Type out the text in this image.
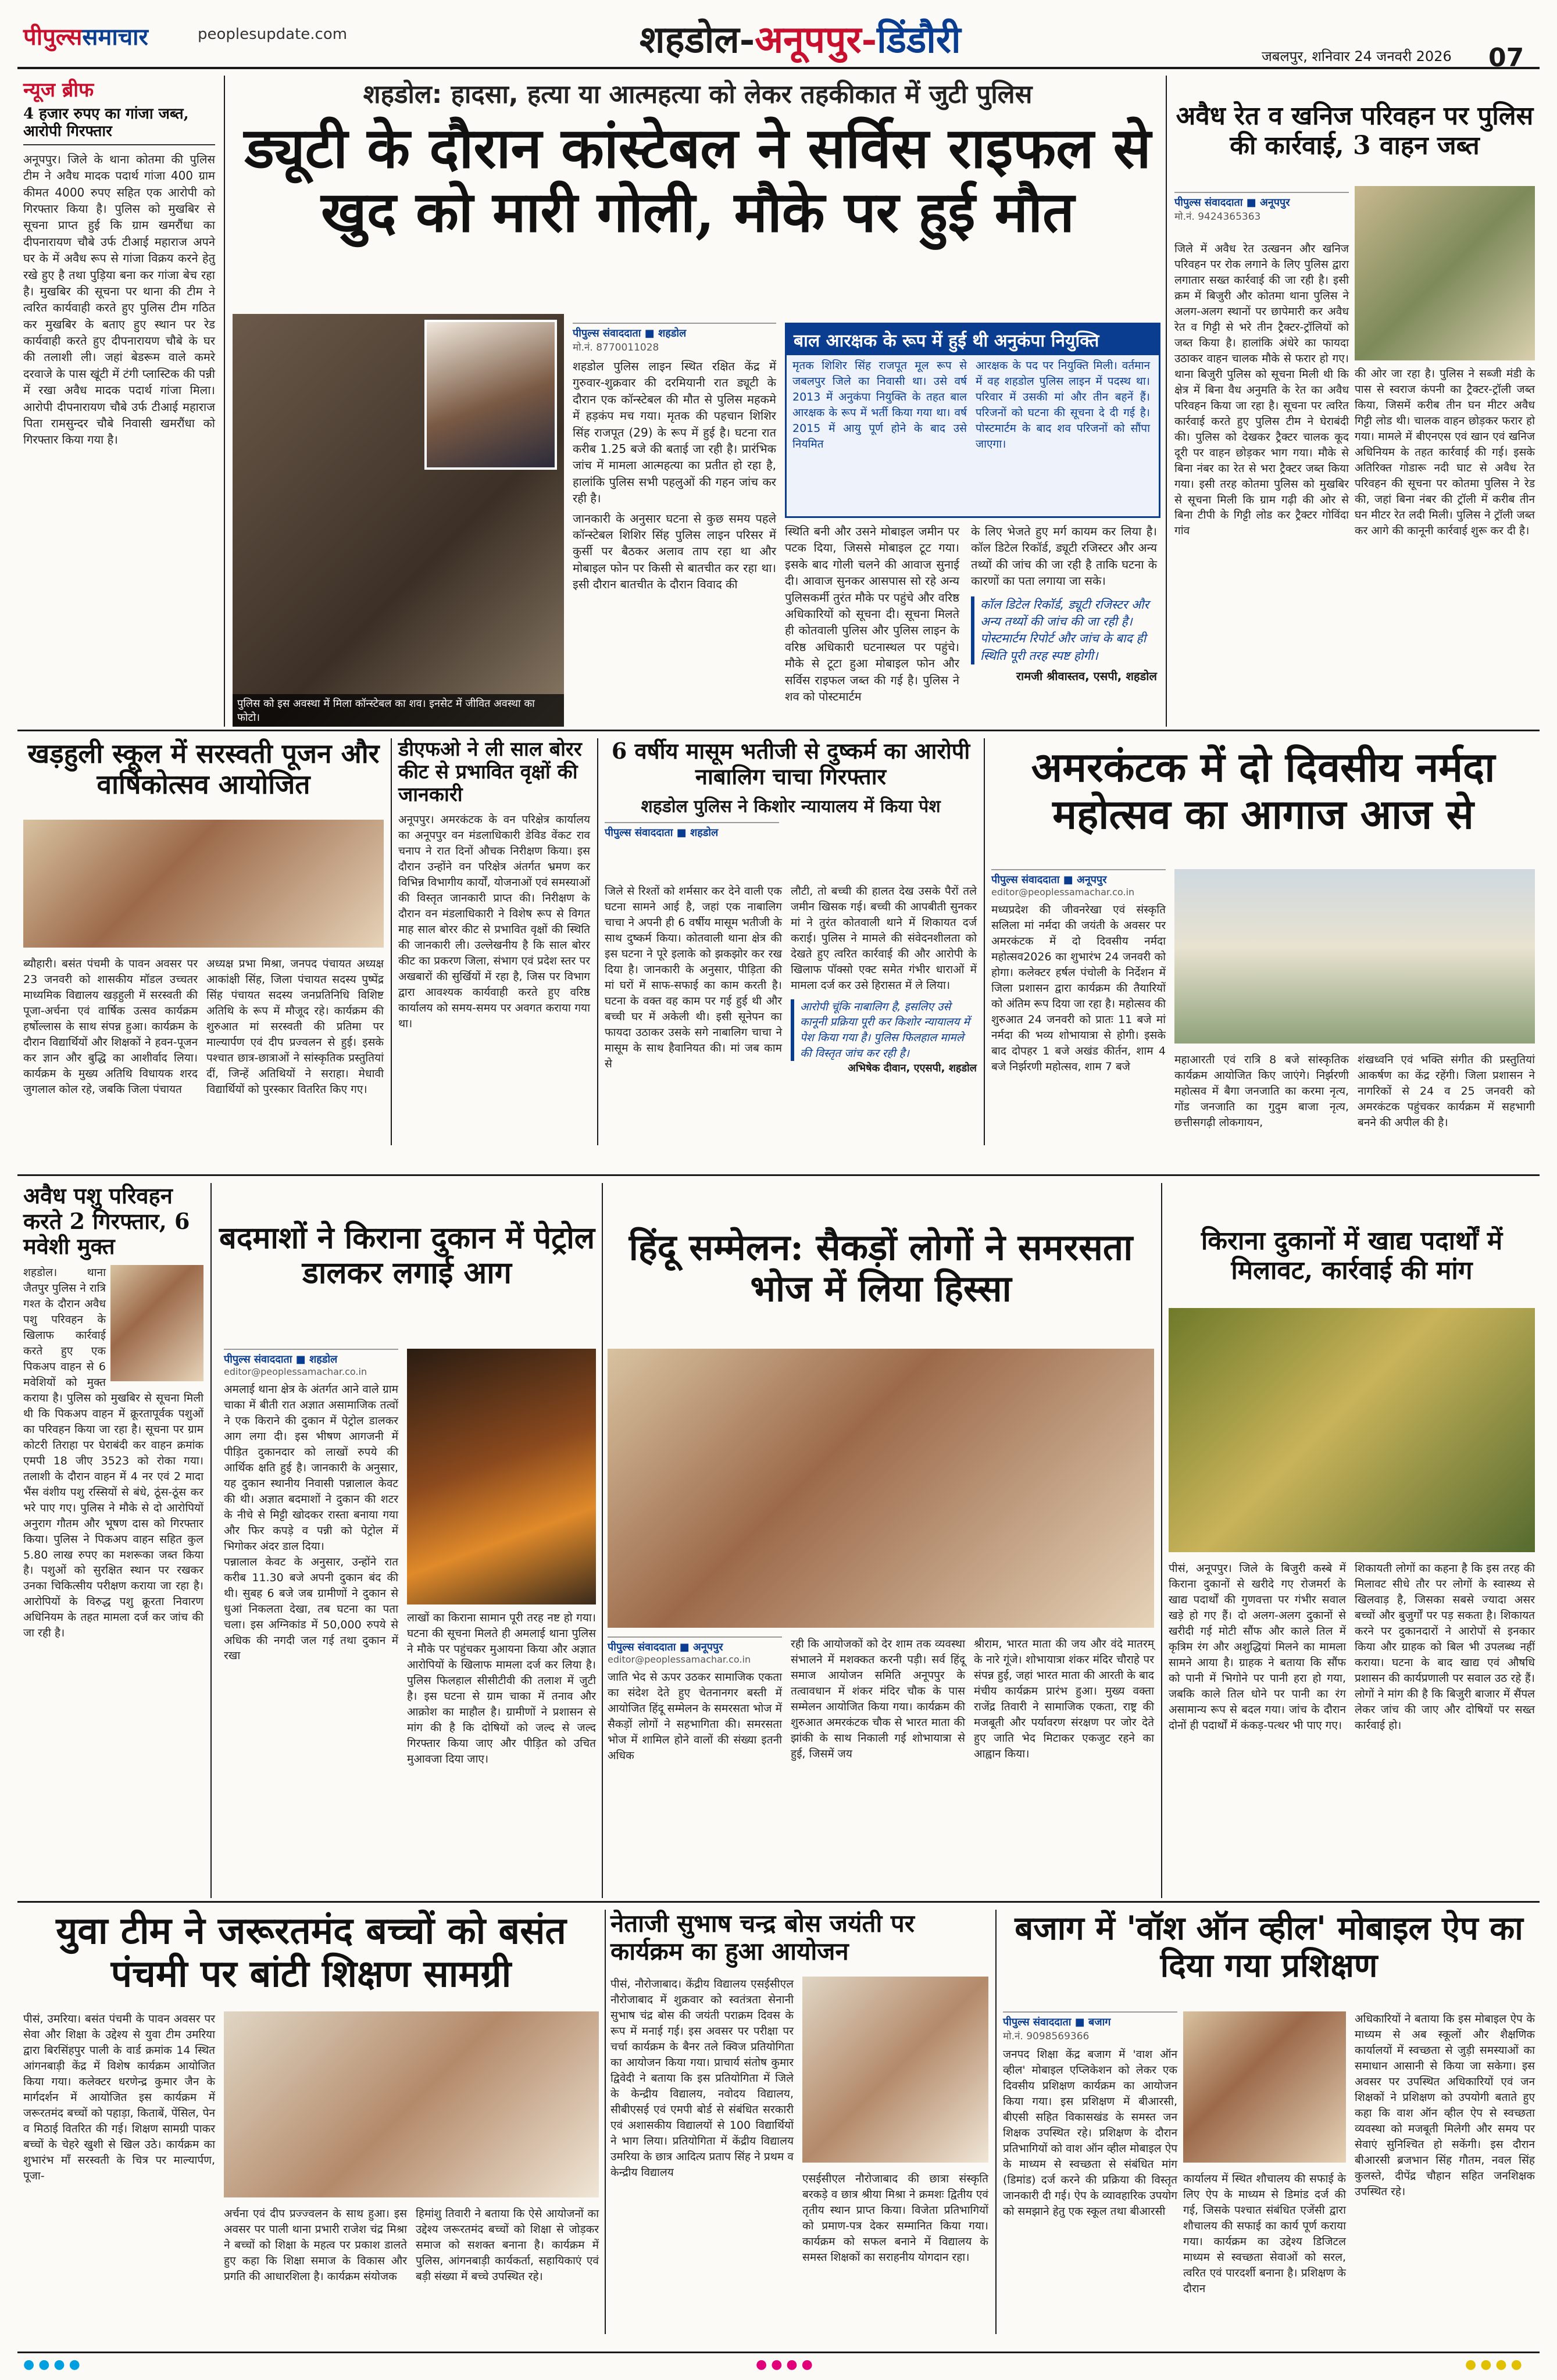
पीपुल्ससमाचार	peoplesupdate.com	शहडोल-अनूपपुर-डिंडौरी	जबलपुर, शनिवार 24 जनवरी 2026 07
न्यूज ब्रीफ
4 हजार रुपए का गांजा जब्त, आरोपी गिरफ्तार
अनूपपुर। जिले के थाना कोतमा की पुलिस टीम ने अवैध मादक पदार्थ गांजा 400 ग्राम कीमत 4000 रुपए सहित एक आरोपी को गिरफ्तार किया है। पुलिस को मुखबिर से सूचना प्राप्त हुई कि ग्राम खमरौंधा का दीपनारायण चौबे उर्फ टीआई महाराज अपने घर के में अवैध रूप से गांजा विक्रय करने हेतु रखे हुए है तथा पुड़िया बना कर गांजा बेच रहा है। मुखबिर की सूचना पर थाना की टीम ने त्वरित कार्यवाही करते हुए पुलिस टीम गठित कर मुखबिर के बताए हुए स्थान पर रेड कार्यवाही करते हुए दीपनारायण चौबे के घर की तलाशी ली। जहां बेडरूम वाले कमरे दरवाजे के पास खूंटी में टंगी प्लास्टिक की पन्नी में रखा अवैध मादक पदार्थ गांजा मिला। आरोपी दीपनारायण चौबे उर्फ टीआई महाराज पिता रामसुन्दर चौबे निवासी खमरौंधा को गिरफ्तार किया गया है।
शहडोल: हादसा, हत्या या आत्महत्या को लेकर तहकीकात में जुटी पुलिस
ड्यूटी के दौरान कांस्टेबल ने सर्विस राइफल से खुद को मारी गोली, मौके पर हुई मौत
पुलिस को इस अवस्था में मिला कॉन्स्टेबल का शव। इनसेट में जीवित अवस्था का फोटो।
पीपुल्स संवाददाता ■ शहडोल
मो.नं. 8770011028
शहडोल पुलिस लाइन स्थित रक्षित केंद्र में गुरुवार-शुक्रवार की दरमियानी रात ड्यूटी के दौरान एक कॉन्स्टेबल की मौत से पुलिस महकमे में हड़कंप मच गया। मृतक की पहचान शिशिर सिंह राजपूत (29) के रूप में हुई है। घटना रात करीब 1.25 बजे की बताई जा रही है। प्रारंभिक जांच में मामला आत्महत्या का प्रतीत हो रहा है, हालांकि पुलिस सभी पहलुओं की गहन जांच कर रही है।
जानकारी के अनुसार घटना से कुछ समय पहले कॉन्स्टेबल शिशिर सिंह पुलिस लाइन परिसर में कुर्सी पर बैठकर अलाव ताप रहा था और मोबाइल फोन पर किसी से बातचीत कर रहा था। इसी दौरान बातचीत के दौरान विवाद की
बाल आरक्षक के रूप में हुई थी अनुकंपा नियुक्ति
मृतक शिशिर सिंह राजपूत मूल रूप से जबलपुर जिले का निवासी था। उसे वर्ष 2013 में अनुकंपा नियुक्ति के तहत बाल आरक्षक के रूप में भर्ती किया गया था। वर्ष 2015 में आयु पूर्ण होने के बाद उसे नियमित
आरक्षक के पद पर नियुक्ति मिली। वर्तमान में वह शहडोल पुलिस लाइन में पदस्थ था। परिवार में उसकी मां और तीन बहनें हैं। परिजनों को घटना की सूचना दे दी गई है। पोस्टमार्टम के बाद शव परिजनों को सौंपा जाएगा।
स्थिति बनी और उसने मोबाइल जमीन पर पटक दिया, जिससे मोबाइल टूट गया। इसके बाद गोली चलने की आवाज सुनाई दी। आवाज सुनकर आसपास सो रहे अन्य पुलिसकर्मी तुरंत मौके पर पहुंचे और वरिष्ठ अधिकारियों को सूचना दी। सूचना मिलते ही कोतवाली पुलिस और पुलिस लाइन के वरिष्ठ अधिकारी घटनास्थल पर पहुंचे। मौके से टूटा हुआ मोबाइल फोन और सर्विस राइफल जब्त की गई है। पुलिस ने शव को पोस्टमार्टम
के लिए भेजते हुए मर्ग कायम कर लिया है। कॉल डिटेल रिकॉर्ड, ड्यूटी रजिस्टर और अन्य तथ्यों की जांच की जा रही है ताकि घटना के कारणों का पता लगाया जा सके।
कॉल डिटेल रिकॉर्ड, ड्यूटी रजिस्टर और अन्य तथ्यों की जांच की जा रही है। पोस्टमार्टम रिपोर्ट और जांच के बाद ही स्थिति पूरी तरह स्पष्ट होगी।
रामजी श्रीवास्तव, एसपी, शहडोल
अवैध रेत व खनिज परिवहन पर पुलिस की कार्रवाई, 3 वाहन जब्त
पीपुल्स संवाददाता ■ अनूपपुर
मो.नं. 9424365363
जिले में अवैध रेत उत्खनन और खनिज परिवहन पर रोक लगाने के लिए पुलिस द्वारा लगातार सख्त कार्रवाई की जा रही है। इसी क्रम में बिजुरी और कोतमा थाना पुलिस ने अलग-अलग स्थानों पर छापेमारी कर अवैध रेत व गिट्टी से भरे तीन ट्रैक्टर-ट्रॉलियों को जब्त किया है। हालांकि अंधेरे का फायदा उठाकर वाहन चालक मौके से फरार हो गए। थाना बिजुरी पुलिस को सूचना मिली थी कि क्षेत्र में बिना वैध अनुमति के रेत का अवैध परिवहन किया जा रहा है। सूचना पर त्वरित कार्रवाई करते हुए पुलिस टीम ने घेराबंदी की। पुलिस को देखकर ट्रैक्टर चालक कूद दूरी पर वाहन छोड़कर भाग गया। मौके से बिना नंबर का रेत से भरा ट्रैक्टर जब्त किया गया। इसी तरह कोतमा पुलिस को मुखबिर से सूचना मिली कि ग्राम गढ़ी की ओर से बिना टीपी के गिट्टी लोड कर ट्रैक्टर गोविंदा गांव
की ओर जा रहा है। पुलिस ने सब्जी मंडी के पास से स्वराज कंपनी का ट्रैक्टर-ट्रॉली जब्त किया, जिसमें करीब तीन घन मीटर अवैध गिट्टी लोड थी। चालक वाहन छोड़कर फरार हो गया। मामले में बीएनएस एवं खान एवं खनिज अधिनियम के तहत कार्रवाई की गई। इसके अतिरिक्त गोडारू नदी घाट से अवैध रेत परिवहन की सूचना पर कोतमा पुलिस ने रेड की, जहां बिना नंबर की ट्रॉली में करीब तीन घन मीटर रेत लदी मिली। पुलिस ने ट्रॉली जब्त कर आगे की कानूनी कार्रवाई शुरू कर दी है।
खड़हुली स्कूल में सरस्वती पूजन और वार्षिकोत्सव आयोजित
ब्यौहारी। बसंत पंचमी के पावन अवसर पर 23 जनवरी को शासकीय मॉडल उच्चतर माध्यमिक विद्यालय खड़हुली में सरस्वती की पूजा-अर्चना एवं वार्षिक उत्सव कार्यक्रम हर्षोल्लास के साथ संपन्न हुआ। कार्यक्रम के दौरान विद्यार्थियों और शिक्षकों ने हवन-पूजन कर ज्ञान और बुद्धि का आशीर्वाद लिया। कार्यक्रम के मुख्य अतिथि विधायक शरद जुगलाल कोल रहे, जबकि जिला पंचायत
अध्यक्ष प्रभा मिश्रा, जनपद पंचायत अध्यक्ष आकांक्षी सिंह, जिला पंचायत सदस्य पुष्पेंद्र सिंह पंचायत सदस्य जनप्रतिनिधि विशिष्ट अतिथि के रूप में मौजूद रहे। कार्यक्रम की शुरुआत मां सरस्वती की प्रतिमा पर माल्यार्पण एवं दीप प्रज्वलन से हुई। इसके पश्चात छात्र-छात्राओं ने सांस्कृतिक प्रस्तुतियां दीं, जिन्हें अतिथियों ने सराहा। मेधावी विद्यार्थियों को पुरस्कार वितरित किए गए।
डीएफओ ने ली साल बोरर कीट से प्रभावित वृक्षों की जानकारी
अनूपपुर। अमरकंटक के वन परिक्षेत्र कार्यालय का अनूपपुर वन मंडलाधिकारी डेविड वेंकट राव चनाप ने रात दिनों औचक निरीक्षण किया। इस दौरान उन्होंने वन परिक्षेत्र अंतर्गत भ्रमण कर विभिन्न विभागीय कार्यों, योजनाओं एवं समस्याओं की विस्तृत जानकारी प्राप्त की। निरीक्षण के दौरान वन मंडलाधिकारी ने विशेष रूप से विगत माह साल बोरर कीट से प्रभावित वृक्षों की स्थिति की जानकारी ली। उल्लेखनीय है कि साल बोरर कीट का प्रकरण जिला, संभाग एवं प्रदेश स्तर पर अखबारों की सुर्खियों में रहा है, जिस पर विभाग द्वारा आवश्यक कार्यवाही करते हुए वरिष्ठ कार्यालय को समय-समय पर अवगत कराया गया था।
6 वर्षीय मासूम भतीजी से दुष्कर्म का आरोपी नाबालिग चाचा गिरफ्तार
शहडोल पुलिस ने किशोर न्यायालय में किया पेश
पीपुल्स संवाददाता ■ शहडोल
जिले से रिश्तों को शर्मसार कर देने वाली एक घटना सामने आई है, जहां एक नाबालिग चाचा ने अपनी ही 6 वर्षीय मासूम भतीजी के साथ दुष्कर्म किया। कोतवाली थाना क्षेत्र की इस घटना ने पूरे इलाके को झकझोर कर रख दिया है। जानकारी के अनुसार, पीड़िता की मां घरों में साफ-सफाई का काम करती है। घटना के वक्त वह काम पर गई हुई थी और बच्ची घर में अकेली थी। इसी सूनेपन का फायदा उठाकर उसके सगे नाबालिग चाचा ने मासूम के साथ हैवानियत की। मां जब काम से
लौटी, तो बच्ची की हालत देख उसके पैरों तले जमीन खिसक गई। बच्ची की आपबीती सुनकर मां ने तुरंत कोतवाली थाने में शिकायत दर्ज कराई। पुलिस ने मामले की संवेदनशीलता को देखते हुए त्वरित कार्रवाई की और आरोपी के खिलाफ पॉक्सो एक्ट समेत गंभीर धाराओं में मामला दर्ज कर उसे हिरासत में ले लिया।
आरोपी चूंकि नाबालिग है, इसलिए उसे कानूनी प्रक्रिया पूरी कर किशोर न्यायालय में पेश किया गया है। पुलिस फिलहाल मामले की विस्तृत जांच कर रही है।
अभिषेक दीवान, एएसपी, शहडोल
अमरकंटक में दो दिवसीय नर्मदा महोत्सव का आगाज आज से
पीपुल्स संवाददाता ■ अनूपपुर
editor@peoplessamachar.co.in
मध्यप्रदेश की जीवनरेखा एवं संस्कृति सलिला मां नर्मदा की जयंती के अवसर पर अमरकंटक में दो दिवसीय नर्मदा महोत्सव2026 का शुभारंभ 24 जनवरी को होगा। कलेक्टर हर्षल पंचोली के निर्देशन में जिला प्रशासन द्वारा कार्यक्रम की तैयारियों को अंतिम रूप दिया जा रहा है। महोत्सव की शुरुआत 24 जनवरी को प्रातः 11 बजे मां नर्मदा की भव्य शोभायात्रा से होगी। इसके बाद दोपहर 1 बजे अखंड कीर्तन, शाम 4 बजे निर्झरणी महोत्सव, शाम 7 बजे
महाआरती एवं रात्रि 8 बजे सांस्कृतिक कार्यक्रम आयोजित किए जाएंगे। निर्झरणी महोत्सव में बैगा जनजाति का करमा नृत्य, गोंड जनजाति का गुदुम बाजा नृत्य, छत्तीसगढ़ी लोकगायन,
शंखध्वनि एवं भक्ति संगीत की प्रस्तुतियां आकर्षण का केंद्र रहेंगी। जिला प्रशासन ने नागरिकों से 24 व 25 जनवरी को अमरकंटक पहुंचकर कार्यक्रम में सहभागी बनने की अपील की है।
अवैध पशु परिवहन करते 2 गिरफ्तार, 6 मवेशी मुक्त
शहडोल। थाना जैतपुर पुलिस ने रात्रि गश्त के दौरान अवैध पशु परिवहन के खिलाफ कार्रवाई करते हुए एक पिकअप वाहन से 6 मवेशियों को मुक्त कराया है। पुलिस को मुखबिर से सूचना मिली थी कि पिकअप वाहन में क्रूरतापूर्वक पशुओं का परिवहन किया जा रहा है। सूचना पर ग्राम कोटरी तिराहा पर घेराबंदी कर वाहन क्रमांक एमपी 18 जीए 3523 को रोका गया। तलाशी के दौरान वाहन में 4 नर एवं 2 मादा भैंस वंशीय पशु रस्सियों से बंधे, ठूंस-ठूंस कर भरे पाए गए। पुलिस ने मौके से दो आरोपियों अनुराग गौतम और भूषण दास को गिरफ्तार किया। पुलिस ने पिकअप वाहन सहित कुल 5.80 लाख रुपए का मशरूका जब्त किया है। पशुओं को सुरक्षित स्थान पर रखकर उनका चिकित्सीय परीक्षण कराया जा रहा है। आरोपियों के विरुद्ध पशु क्रूरता निवारण अधिनियम के तहत मामला दर्ज कर जांच की जा रही है।
बदमाशों ने किराना दुकान में पेट्रोल डालकर लगाई आग
पीपुल्स संवाददाता ■ शहडोल
editor@peoplessamachar.co.in
अमलाई थाना क्षेत्र के अंतर्गत आने वाले ग्राम चाका में बीती रात अज्ञात असामाजिक तत्वों ने एक किराने की दुकान में पेट्रोल डालकर आग लगा दी। इस भीषण आगजनी में पीड़ित दुकानदार को लाखों रुपये की आर्थिक क्षति हुई है। जानकारी के अनुसार, यह दुकान स्थानीय निवासी पन्नालाल केवट की थी। अज्ञात बदमाशों ने दुकान की शटर के नीचे से मिट्टी खोदकर रास्ता बनाया गया और फिर कपड़े व पन्नी को पेट्रोल में भिगोकर अंदर डाल दिया।
पन्नालाल केवट के अनुसार, उन्होंने रात करीब 11.30 बजे अपनी दुकान बंद की थी। सुबह 6 बजे जब ग्रामीणों ने दुकान से धुआं निकलता देखा, तब घटना का पता चला। इस अग्निकांड में 50,000 रुपये से अधिक की नगदी जल गई तथा दुकान में रखा
लाखों का किराना सामान पूरी तरह नष्ट हो गया। घटना की सूचना मिलते ही अमलाई थाना पुलिस ने मौके पर पहुंचकर मुआयना किया और अज्ञात आरोपियों के खिलाफ मामला दर्ज कर लिया है। पुलिस फिलहाल सीसीटीवी की तलाश में जुटी है। इस घटना से ग्राम चाका में तनाव और आक्रोश का माहौल है। ग्रामीणों ने प्रशासन से मांग की है कि दोषियों को जल्द से जल्द गिरफ्तार किया जाए और पीड़ित को उचित मुआवजा दिया जाए।
हिंदू सम्मेलन: सैकड़ों लोगों ने समरसता भोज में लिया हिस्सा
पीपुल्स संवाददाता ■ अनूपपुर
editor@peoplessamachar.co.in
जाति भेद से ऊपर उठकर सामाजिक एकता का संदेश देते हुए चेतनानगर बस्ती में आयोजित हिंदू सम्मेलन के समरसता भोज में सैकड़ों लोगों ने सहभागिता की। समरसता भोज में शामिल होने वालों की संख्या इतनी अधिक
रही कि आयोजकों को देर शाम तक व्यवस्था संभालने में मशक्कत करनी पड़ी। सर्व हिंदू समाज आयोजन समिति अनूपपुर के तत्वावधान में शंकर मंदिर चौक के पास सम्मेलन आयोजित किया गया। कार्यक्रम की शुरुआत अमरकंटक चौक से भारत माता की झांकी के साथ निकाली गई शोभायात्रा से हुई, जिसमें जय
श्रीराम, भारत माता की जय और वंदे मातरम् के नारे गूंजे। शोभायात्रा शंकर मंदिर चौराहे पर संपन्न हुई, जहां भारत माता की आरती के बाद मंचीय कार्यक्रम प्रारंभ हुआ। मुख्य वक्ता राजेंद्र तिवारी ने सामाजिक एकता, राष्ट्र की मजबूती और पर्यावरण संरक्षण पर जोर देते हुए जाति भेद मिटाकर एकजुट रहने का आह्वान किया।
किराना दुकानों में खाद्य पदार्थों में मिलावट, कार्रवाई की मांग
पीसं, अनूपपुर। जिले के बिजुरी कस्बे में किराना दुकानों से खरीदे गए रोजमर्रा के खाद्य पदार्थों की गुणवत्ता पर गंभीर सवाल खड़े हो गए हैं। दो अलग-अलग दुकानों से खरीदी गई मोटी सौंफ और काले तिल में कृत्रिम रंग और अशुद्धियां मिलने का मामला सामने आया है। ग्राहक ने बताया कि सौंफ को पानी में भिगोने पर पानी हरा हो गया, जबकि काले तिल धोने पर पानी का रंग असामान्य रूप से बदल गया। जांच के दौरान दोनों ही पदार्थों में कंकड़-पत्थर भी पाए गए।
शिकायती लोगों का कहना है कि इस तरह की मिलावट सीधे तौर पर लोगों के स्वास्थ्य से खिलवाड़ है, जिसका सबसे ज्यादा असर बच्चों और बुजुर्गों पर पड़ सकता है। शिकायत करने पर दुकानदारों ने आरोपों से इनकार किया और ग्राहक को बिल भी उपलब्ध नहीं कराया। घटना के बाद खाद्य एवं औषधि प्रशासन की कार्यप्रणाली पर सवाल उठ रहे हैं। लोगों ने मांग की है कि बिजुरी बाजार में सैंपल लेकर जांच की जाए और दोषियों पर सख्त कार्रवाई हो।
युवा टीम ने जरूरतमंद बच्चों को बसंत पंचमी पर बांटी शिक्षण सामग्री
पीसं, उमरिया। बसंत पंचमी के पावन अवसर पर सेवा और शिक्षा के उद्देश्य से युवा टीम उमरिया द्वारा बिरसिंहपुर पाली के वार्ड क्रमांक 14 स्थित आंगनबाड़ी केंद्र में विशेष कार्यक्रम आयोजित किया गया। कलेक्टर धरणेन्द्र कुमार जैन के मार्गदर्शन में आयोजित इस कार्यक्रम में जरूरतमंद बच्चों को पहाड़ा, किताबें, पेंसिल, पेन व मिठाई वितरित की गई। शिक्षण सामग्री पाकर बच्चों के चेहरे खुशी से खिल उठे। कार्यक्रम का शुभारंभ माँ सरस्वती के चित्र पर माल्यार्पण, पूजा-
अर्चना एवं दीप प्रज्ज्वलन के साथ हुआ। इस अवसर पर पाली थाना प्रभारी राजेश चंद्र मिश्रा ने बच्चों को शिक्षा के महत्व पर प्रकाश डालते हुए कहा कि शिक्षा समाज के विकास और प्रगति की आधारशिला है। कार्यक्रम संयोजक
हिमांशु तिवारी ने बताया कि ऐसे आयोजनों का उद्देश्य जरूरतमंद बच्चों को शिक्षा से जोड़कर समाज को सशक्त बनाना है। कार्यक्रम में पुलिस, आंगनबाड़ी कार्यकर्ता, सहायिकाएं एवं बड़ी संख्या में बच्चे उपस्थित रहे।
नेताजी सुभाष चन्द्र बोस जयंती पर कार्यक्रम का हुआ आयोजन
पीसं, नौरोजाबाद। केंद्रीय विद्यालय एसईसीएल नौरोजाबाद में शुक्रवार को स्वतंत्रता सेनानी सुभाष चंद्र बोस की जयंती पराक्रम दिवस के रूप में मनाई गई। इस अवसर पर परीक्षा पर चर्चा कार्यक्रम के बैनर तले क्विज प्रतियोगिता का आयोजन किया गया। प्राचार्य संतोष कुमार द्विवेदी ने बताया कि इस प्रतियोगिता में जिले के केन्द्रीय विद्यालय, नवोदय विद्यालय, सीबीएसई एवं एमपी बोर्ड से संबंधित सरकारी एवं अशासकीय विद्यालयों से 100 विद्यार्थियों ने भाग लिया। प्रतियोगिता में केंद्रीय विद्यालय उमरिया के छात्र आदित्य प्रताप सिंह ने प्रथम व केन्द्रीय विद्यालय
एसईसीएल नौरोजाबाद की छात्रा संस्कृति बरकड़े व छात्र श्रीया मिश्रा ने क्रमशः द्वितीय एवं तृतीय स्थान प्राप्त किया। विजेता प्रतिभागियों को प्रमाण-पत्र देकर सम्मानित किया गया। कार्यक्रम को सफल बनाने में विद्यालय के समस्त शिक्षकों का सराहनीय योगदान रहा।
बजाग में 'वॉश ऑन व्हील' मोबाइल ऐप का दिया गया प्रशिक्षण
पीपुल्स संवाददाता ■ बजाग
मो.नं. 9098569366
जनपद शिक्षा केंद्र बजाग में 'वाश ऑन व्हील' मोबाइल एप्लिकेशन को लेकर एक दिवसीय प्रशिक्षण कार्यक्रम का आयोजन किया गया। इस प्रशिक्षण में बीआरसी, बीएसी सहित विकासखंड के समस्त जन शिक्षक उपस्थित रहे। प्रशिक्षण के दौरान प्रतिभागियों को वाश ऑन व्हील मोबाइल ऐप के माध्यम से स्वच्छता से संबंधित मांग (डिमांड) दर्ज करने की प्रक्रिया की विस्तृत जानकारी दी गई। ऐप के व्यावहारिक उपयोग को समझाने हेतु एक स्कूल तथा बीआरसी
कार्यालय में स्थित शौचालय की सफाई के लिए ऐप के माध्यम से डिमांड दर्ज की गई, जिसके पश्चात संबंधित एजेंसी द्वारा शौचालय की सफाई का कार्य पूर्ण कराया गया। कार्यक्रम का उद्देश्य डिजिटल माध्यम से स्वच्छता सेवाओं को सरल, त्वरित एवं पारदर्शी बनाना है। प्रशिक्षण के दौरान
अधिकारियों ने बताया कि इस मोबाइल ऐप के माध्यम से अब स्कूलों और शैक्षणिक कार्यालयों में स्वच्छता से जुड़ी समस्याओं का समाधान आसानी से किया जा सकेगा। इस अवसर पर उपस्थित अधिकारियों एवं जन शिक्षकों ने प्रशिक्षण को उपयोगी बताते हुए कहा कि वाश ऑन व्हील ऐप से स्वच्छता व्यवस्था को मजबूती मिलेगी और समय पर सेवाएं सुनिश्चित हो सकेंगी। इस दौरान बीआरसी ब्रजभान सिंह गौतम, नवल सिंह कुलस्ते, दीपेंद्र चौहान सहित जनशिक्षक उपस्थित रहे।
● ● ● ●	● ● ● ●	● ● ● ●
